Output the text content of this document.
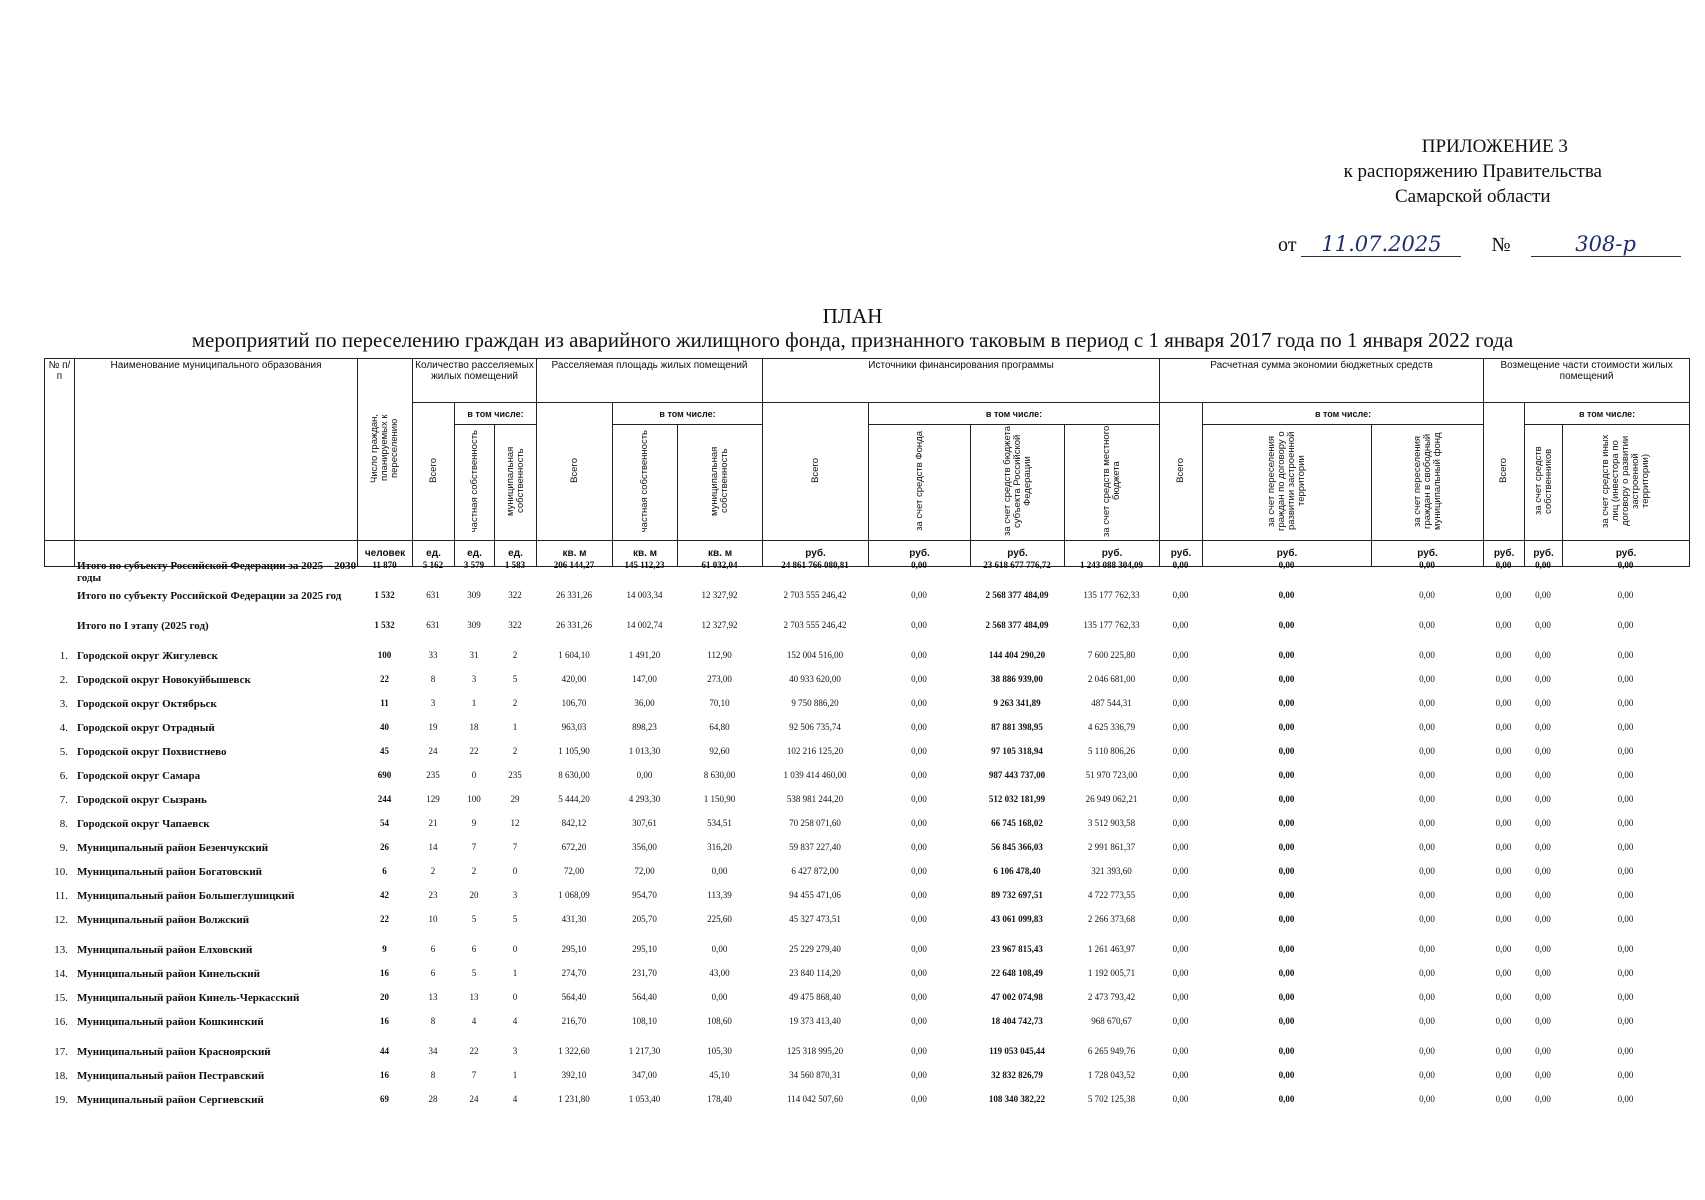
ПРИЛОЖЕНИЕ 3
к распоряжению Правительства
Самарской области
от 11.07.2025 №	308-р
ПЛАН
мероприятий по переселению граждан из аварийного жилищного фонда, признанного таковым в период с 1 января 2017 года по 1 января 2022 года
№ п/п	Наименование муниципального образования	Число граждан, планируемых к переселению	Количество расселяемых жилых помещений			Расселяемая площадь жилых помещений			Источники финансирования программы				Расчетная сумма экономии бюджетных средств			Возмещение части стоимости жилых помещений		
			Всего	в том числе:		Всего	в том числе:		Всего	в том числе:			Всего	в том числе:		Всего	в том числе:	
				частная собственность	муниципальная собственность		частная собственность	муниципальная собственность		за счет средств Фонда	за счет средств бюджета субъекта Российской Федерации	за счет средств местного бюджета		за счет переселения граждан по договору о развитии застроенной территории	за счет переселения граждан в свободный муниципальный фонд		за счет средств собственников	за счет средств иных лиц (инвестора по договору о развитии застроенной территории)
		человек	ед.	ед.	ед.	кв. м	кв. м	кв. м	руб.	руб.	руб.	руб.	руб.	руб.	руб.	руб.	руб.	руб.
	Итого по субъекту Российской Федерации за 2025 – 2030 годы	11 870	5 162	3 579	1 583	206 144,27	145 112,23	61 032,04	24 861 766 080,81	0,00	23 618 677 776,72	1 243 088 304,09	0,00	0,00	0,00	0,00	0,00	0,00
	Итого по субъекту Российской Федерации за 2025 год	1 532	631	309	322	26 331,26	14 003,34	12 327,92	2 703 555 246,42	0,00	2 568 377 484,09	135 177 762,33	0,00	0,00	0,00	0,00	0,00	0,00
	Итого по I этапу (2025 год)	1 532	631	309	322	26 331,26	14 002,74	12 327,92	2 703 555 246,42	0,00	2 568 377 484,09	135 177 762,33	0,00	0,00	0,00	0,00	0,00	0,00
1.	Городской округ Жигулевск	100	33	31	2	1 604,10	1 491,20	112,90	152 004 516,00	0,00	144 404 290,20	7 600 225,80	0,00	0,00	0,00	0,00	0,00	0,00
2.	Городской округ Новокуйбышевск	22	8	3	5	420,00	147,00	273,00	40 933 620,00	0,00	38 886 939,00	2 046 681,00	0,00	0,00	0,00	0,00	0,00	0,00
3.	Городской округ Октябрьск	11	3	1	2	106,70	36,00	70,10	9 750 886,20	0,00	9 263 341,89	487 544,31	0,00	0,00	0,00	0,00	0,00	0,00
4.	Городской округ Отрадный	40	19	18	1	963,03	898,23	64,80	92 506 735,74	0,00	87 881 398,95	4 625 336,79	0,00	0,00	0,00	0,00	0,00	0,00
5.	Городской округ Похвистнево	45	24	22	2	1 105,90	1 013,30	92,60	102 216 125,20	0,00	97 105 318,94	5 110 806,26	0,00	0,00	0,00	0,00	0,00	0,00
6.	Городской округ Самара	690	235	0	235	8 630,00	0,00	8 630,00	1 039 414 460,00	0,00	987 443 737,00	51 970 723,00	0,00	0,00	0,00	0,00	0,00	0,00
7.	Городской округ Сызрань	244	129	100	29	5 444,20	4 293,30	1 150,90	538 981 244,20	0,00	512 032 181,99	26 949 062,21	0,00	0,00	0,00	0,00	0,00	0,00
8.	Городской округ Чапаевск	54	21	9	12	842,12	307,61	534,51	70 258 071,60	0,00	66 745 168,02	3 512 903,58	0,00	0,00	0,00	0,00	0,00	0,00
9.	Муниципальный район Безенчукский	26	14	7	7	672,20	356,00	316,20	59 837 227,40	0,00	56 845 366,03	2 991 861,37	0,00	0,00	0,00	0,00	0,00	0,00
10.	Муниципальный район Богатовский	6	2	2	0	72,00	72,00	0,00	6 427 872,00	0,00	6 106 478,40	321 393,60	0,00	0,00	0,00	0,00	0,00	0,00
11.	Муниципальный район Большеглушицкий	42	23	20	3	1 068,09	954,70	113,39	94 455 471,06	0,00	89 732 697,51	4 722 773,55	0,00	0,00	0,00	0,00	0,00	0,00
12.	Муниципальный район Волжский	22	10	5	5	431,30	205,70	225,60	45 327 473,51	0,00	43 061 099,83	2 266 373,68	0,00	0,00	0,00	0,00	0,00	0,00
13.	Муниципальный район Елховский	9	6	6	0	295,10	295,10	0,00	25 229 279,40	0,00	23 967 815,43	1 261 463,97	0,00	0,00	0,00	0,00	0,00	0,00
14.	Муниципальный район Кинельский	16	6	5	1	274,70	231,70	43,00	23 840 114,20	0,00	22 648 108,49	1 192 005,71	0,00	0,00	0,00	0,00	0,00	0,00
15.	Муниципальный район Кинель-Черкасский	20	13	13	0	564,40	564,40	0,00	49 475 868,40	0,00	47 002 074,98	2 473 793,42	0,00	0,00	0,00	0,00	0,00	0,00
16.	Муниципальный район Кошкинский	16	8	4	4	216,70	108,10	108,60	19 373 413,40	0,00	18 404 742,73	968 670,67	0,00	0,00	0,00	0,00	0,00	0,00
17.	Муниципальный район Красноярский	44	34	22	3	1 322,60	1 217,30	105,30	125 318 995,20	0,00	119 053 045,44	6 265 949,76	0,00	0,00	0,00	0,00	0,00	0,00
18.	Муниципальный район Пестравский	16	8	7	1	392,10	347,00	45,10	34 560 870,31	0,00	32 832 826,79	1 728 043,52	0,00	0,00	0,00	0,00	0,00	0,00
19.	Муниципальный район Сергиевский	69	28	24	4	1 231,80	1 053,40	178,40	114 042 507,60	0,00	108 340 382,22	5 702 125,38	0,00	0,00	0,00	0,00	0,00	0,00
